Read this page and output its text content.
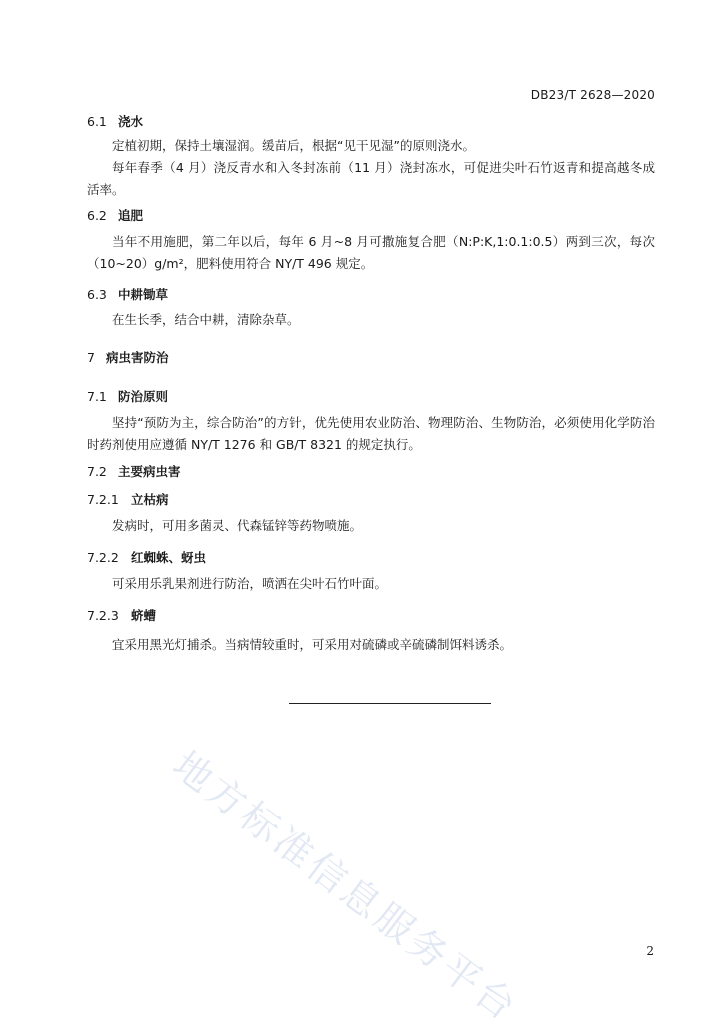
DB23/T 2628—2020
6.1 浇水
定植初期，保持土壤湿润。缓苗后，根据“见干见湿”的原则浇水。
每年春季（4 月）浇反青水和入冬封冻前（11 月）浇封冻水，可促进尖叶石竹返青和提高越冬成活率。
6.2 追肥
当年不用施肥，第二年以后，每年 6 月~8 月可撒施复合肥（N:P:K,1:0.1:0.5）两到三次，每次（10~20）g/m²，肥料使用符合 NY/T 496 规定。
6.3 中耕锄草
在生长季，结合中耕，清除杂草。
7 病虫害防治
7.1 防治原则
坚持“预防为主，综合防治”的方针，优先使用农业防治、物理防治、生物防治，必须使用化学防治时药剂使用应遵循 NY/T 1276 和 GB/T 8321 的规定执行。
7.2 主要病虫害
7.2.1 立枯病
发病时，可用多菌灵、代森锰锌等药物喷施。
7.2.2 红蜘蛛、蚜虫
可采用乐乳果剂进行防治，喷洒在尖叶石竹叶面。
7.2.3 蛴螬
宜采用黑光灯捕杀。当病情较重时，可采用对硫磷或辛硫磷制饵料诱杀。
地方标准信息服务平台	2
